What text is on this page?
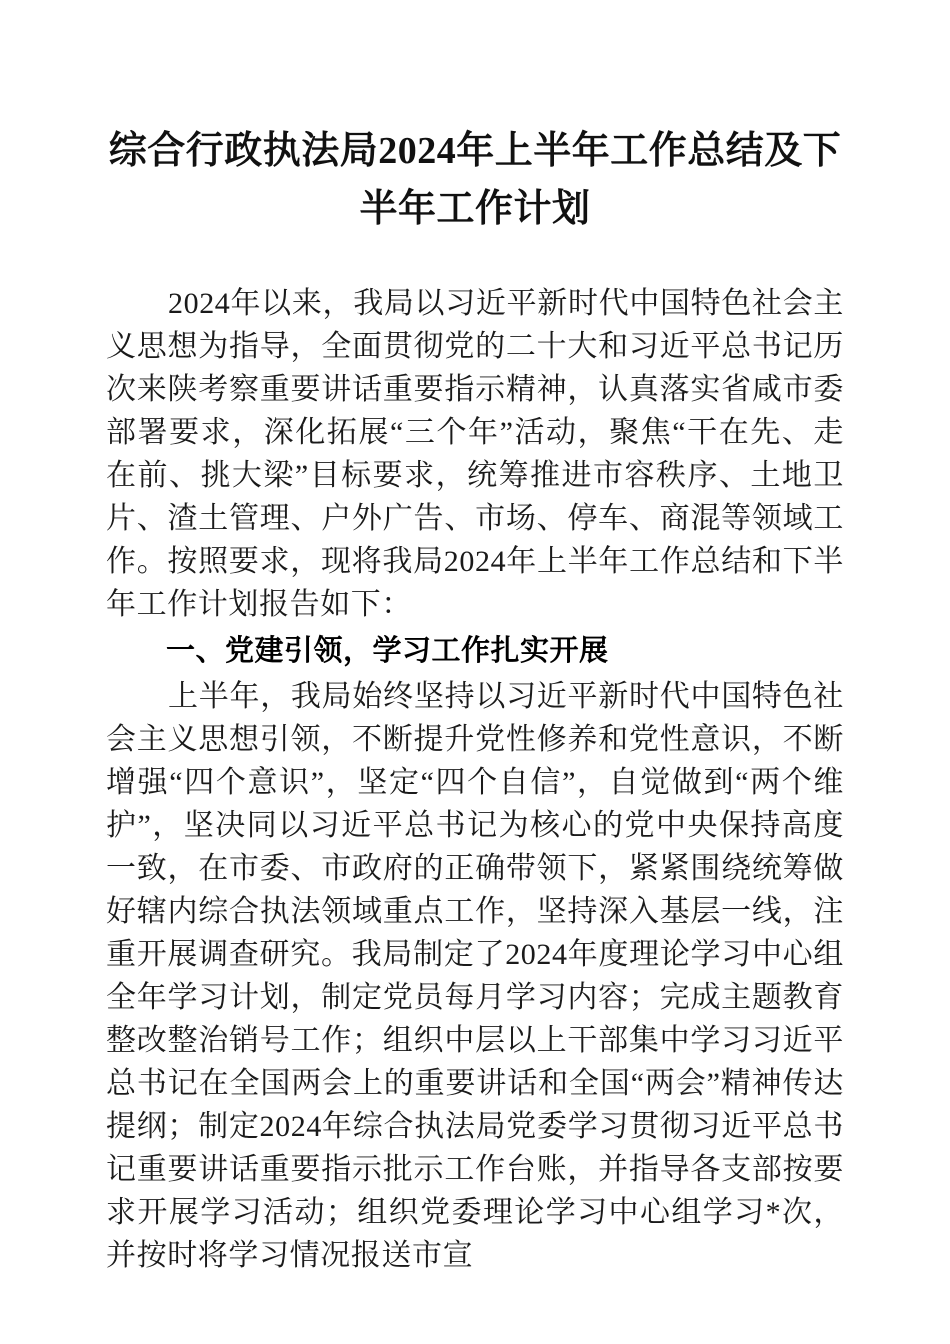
综合行政执法局2024年上半年工作总结及下半年工作计划

2024年以来，我局以习近平新时代中国特色社会主义思想为指导，全面贯彻党的二十大和习近平总书记历次来陕考察重要讲话重要指示精神，认真落实省咸市委部署要求，深化拓展“三个年”活动，聚焦“干在先、走在前、挑大梁”目标要求，统筹推进市容秩序、土地卫片、渣土管理、户外广告、市场、停车、商混等领域工作。按照要求，现将我局2024年上半年工作总结和下半年工作计划报告如下：

一、党建引领，学习工作扎实开展

上半年，我局始终坚持以习近平新时代中国特色社会主义思想引领，不断提升党性修养和党性意识，不断增强“四个意识”，坚定“四个自信”，自觉做到“两个维护”，坚决同以习近平总书记为核心的党中央保持高度一致，在市委、市政府的正确带领下，紧紧围绕统筹做好辖内综合执法领域重点工作，坚持深入基层一线，注重开展调查研究。我局制定了2024年度理论学习中心组全年学习计划，制定党员每月学习内容；完成主题教育整改整治销号工作；组织中层以上干部集中学习习近平总书记在全国两会上的重要讲话和全国“两会”精神传达提纲；制定2024年综合执法局党委学习贯彻习近平总书记重要讲话重要指示批示工作台账，并指导各支部按要求开展学习活动；组织党委理论学习中心组学习*次，并按时将学习情况报送市宣
